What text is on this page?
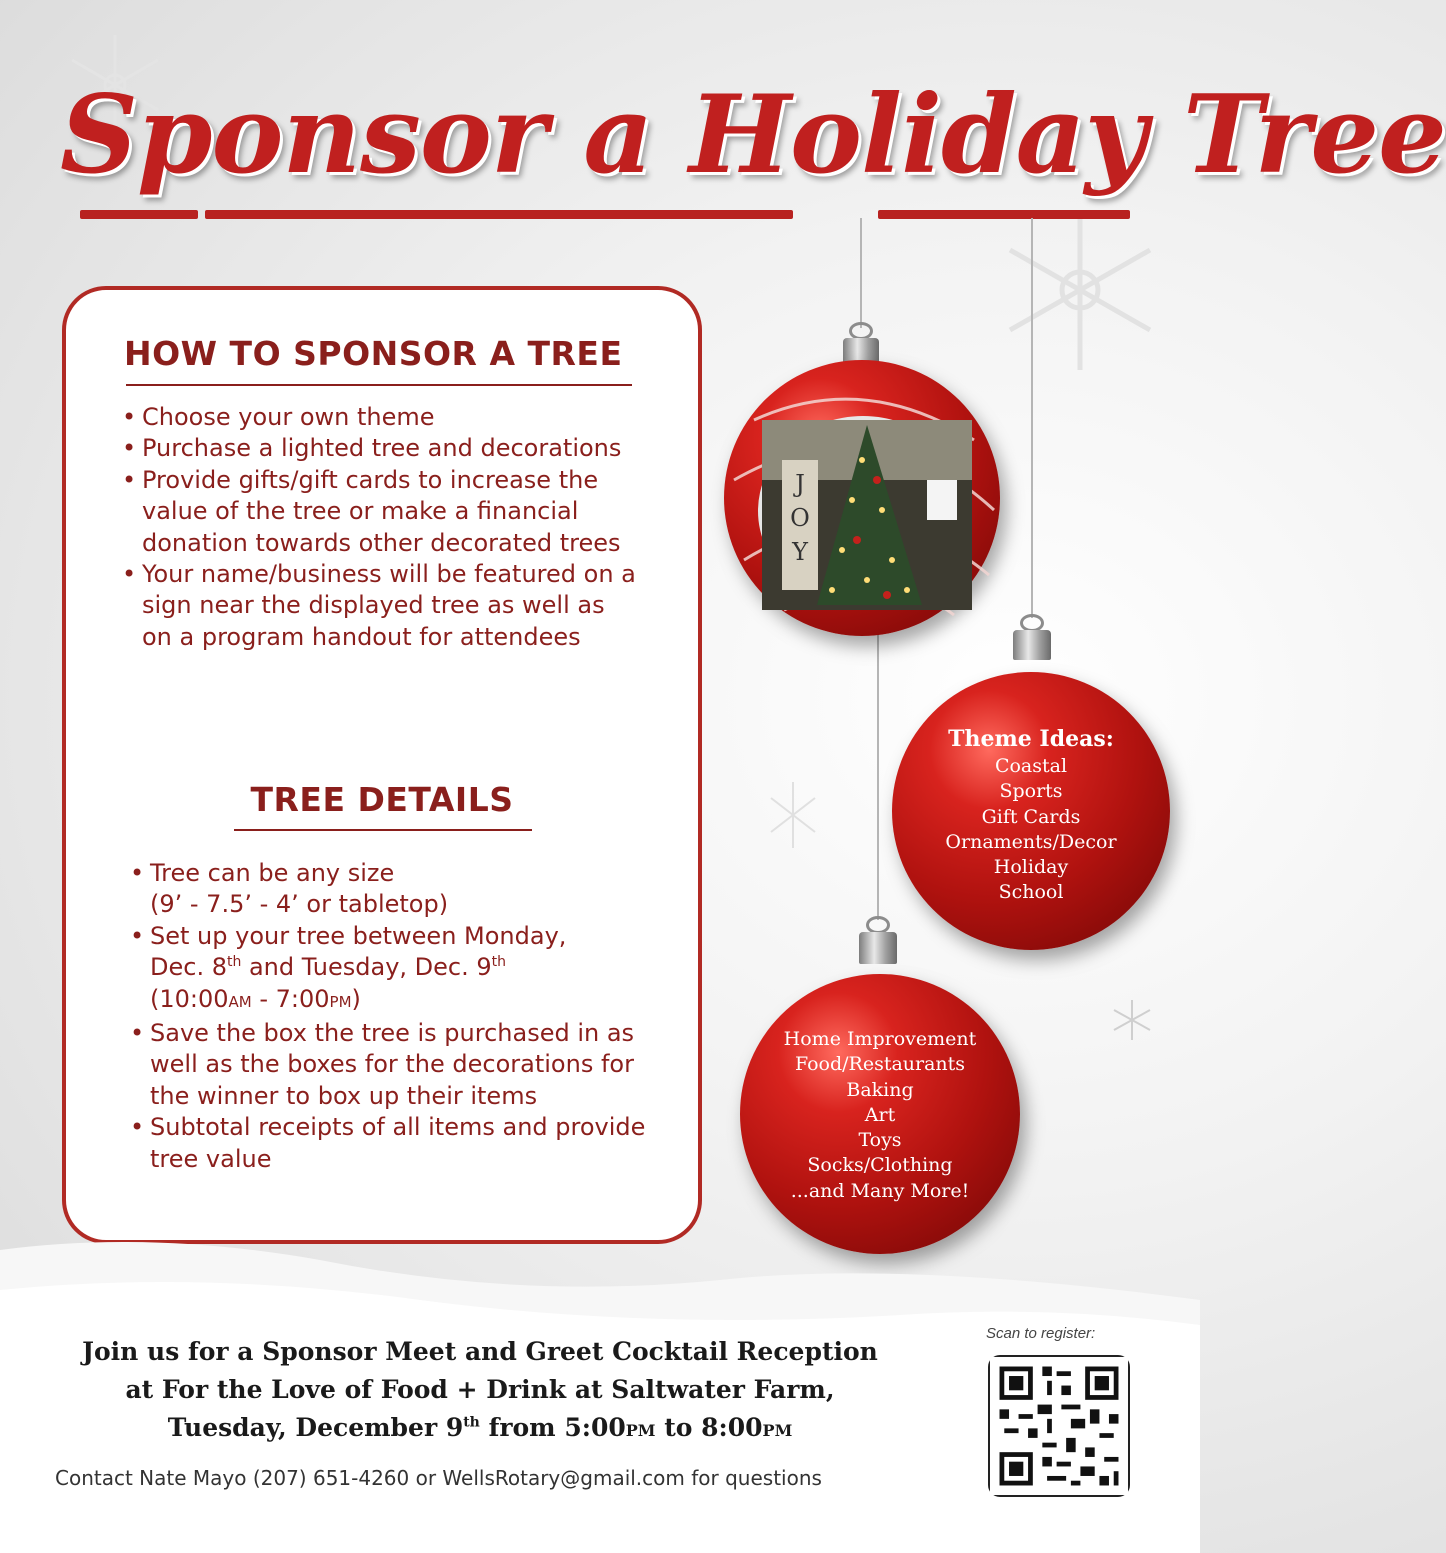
Sponsor a Holiday Tree
HOW TO SPONSOR A TREE
• Choose your own theme
• Purchase a lighted tree and decorations
• Provide gifts/gift cards to increase the value of the tree or make a financial donation towards other decorated trees
• Your name/business will be featured on a sign near the displayed tree as well as on a program handout for attendees
TREE DETAILS
• Tree can be any size
(9’ - 7.5’ - 4’ or tabletop)
• Set up your tree between Monday,
Dec. 8th and Tuesday, Dec. 9th
(10:00AM - 7:00PM)
• Save the box the tree is purchased in as well as the boxes for the decorations for the winner to box up their items
• Subtotal receipts of all items and provide tree value
J
O
Y
Theme Ideas:
Coastal
Sports
Gift Cards
Ornaments/Decor
Holiday
School
Home Improvement
Food/Restaurants
Baking
Art
Toys
Socks/Clothing
...and Many More!
Join us for a Sponsor Meet and Greet Cocktail Reception
at For the Love of Food + Drink at Saltwater Farm,
Tuesday, December 9th from 5:00PM to 8:00PM
Contact Nate Mayo (207) 651-4260 or WellsRotary@gmail.com for questions
Scan to register:
